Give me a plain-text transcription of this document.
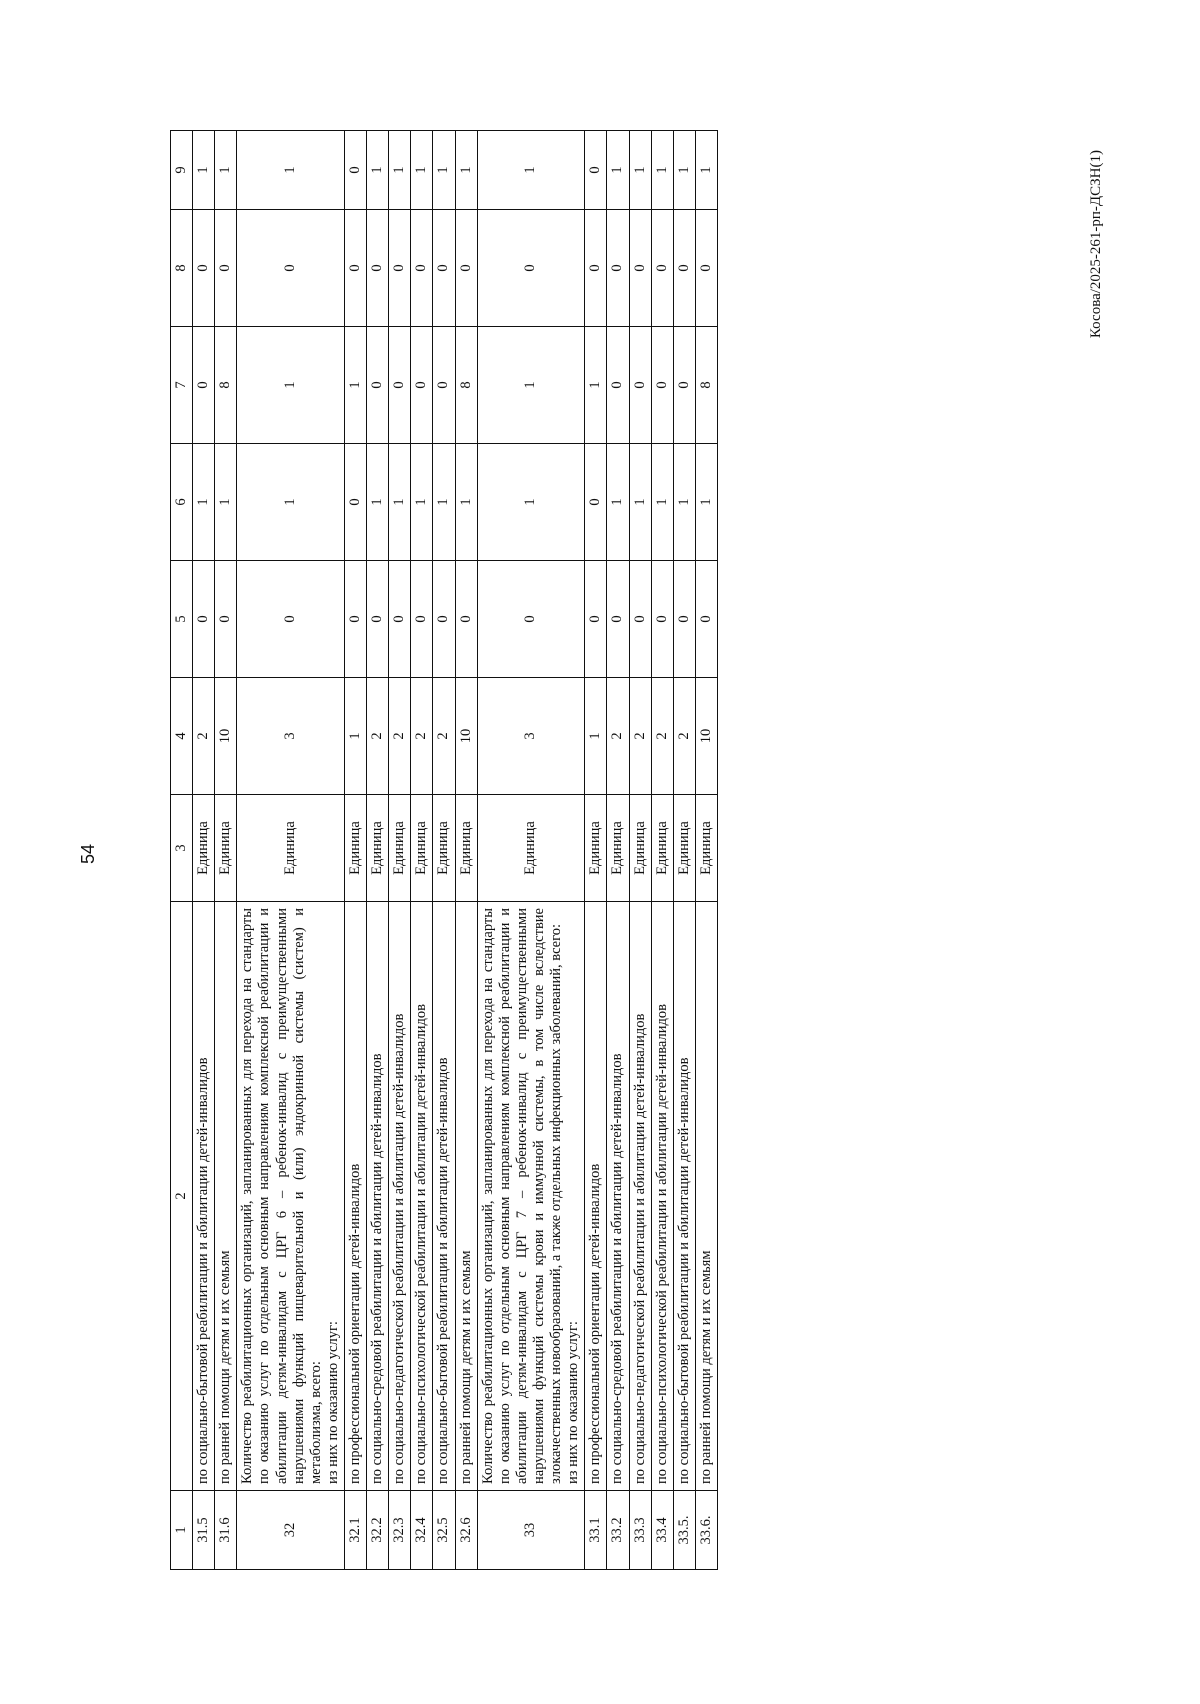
54
1	2	3	4	5	6	7	8	9
31.5	по социально-бытовой реабилитации и абилитации детей-инвалидов	Единица	2	0	1	0	0	1
31.6	по ранней помощи детям и их семьям	Единица	10	0	1	8	0	1
32	Количество реабилитационных организаций, запланированных для перехода на стандарты по оказанию услуг по отдельным основным направлениям комплексной реабилитации и абилитации детям-инвалидам с ЦРГ 6 – ребенок-инвалид с преимущественными нарушениями функций пищеварительной и (или) эндокринной системы (систем) и метаболизма, всего: из них по оказанию услуг:	Единица	3	0	1	1	0	1
32.1	по профессиональной ориентации детей-инвалидов	Единица	1	0	0	1	0	0
32.2	по социально-средовой реабилитации и абилитации детей-инвалидов	Единица	2	0	1	0	0	1
32.3	по социально-педагогической реабилитации и абилитации детей-инвалидов	Единица	2	0	1	0	0	1
32.4	по социально-психологической реабилитации и абилитации детей-инвалидов	Единица	2	0	1	0	0	1
32.5	по социально-бытовой реабилитации и абилитации детей-инвалидов	Единица	2	0	1	0	0	1
32.6	по ранней помощи детям и их семьям	Единица	10	0	1	8	0	1
33	Количество реабилитационных организаций, запланированных для перехода на стандарты по оказанию услуг по отдельным основным направлениям комплексной реабилитации и абилитации детям-инвалидам с ЦРГ 7 – ребенок-инвалид с преимущественными нарушениями функций системы крови и иммунной системы, в том числе вследствие злокачественных новообразований, а также отдельных инфекционных заболеваний, всего: из них по оказанию услуг:	Единица	3	0	1	1	0	1
33.1	по профессиональной ориентации детей-инвалидов	Единица	1	0	0	1	0	0
33.2	по социально-средовой реабилитации и абилитации детей-инвалидов	Единица	2	0	1	0	0	1
33.3	по социально-педагогической реабилитации и абилитации детей-инвалидов	Единица	2	0	1	0	0	1
33.4	по социально-психологической реабилитации и абилитации детей-инвалидов	Единица	2	0	1	0	0	1
33.5.	по социально-бытовой реабилитации и абилитации детей-инвалидов	Единица	2	0	1	0	0	1
33.6.	по ранней помощи детям и их семьям	Единица	10	0	1	8	0	1	Косова/2025-261-рп-ДСЗН(1)
